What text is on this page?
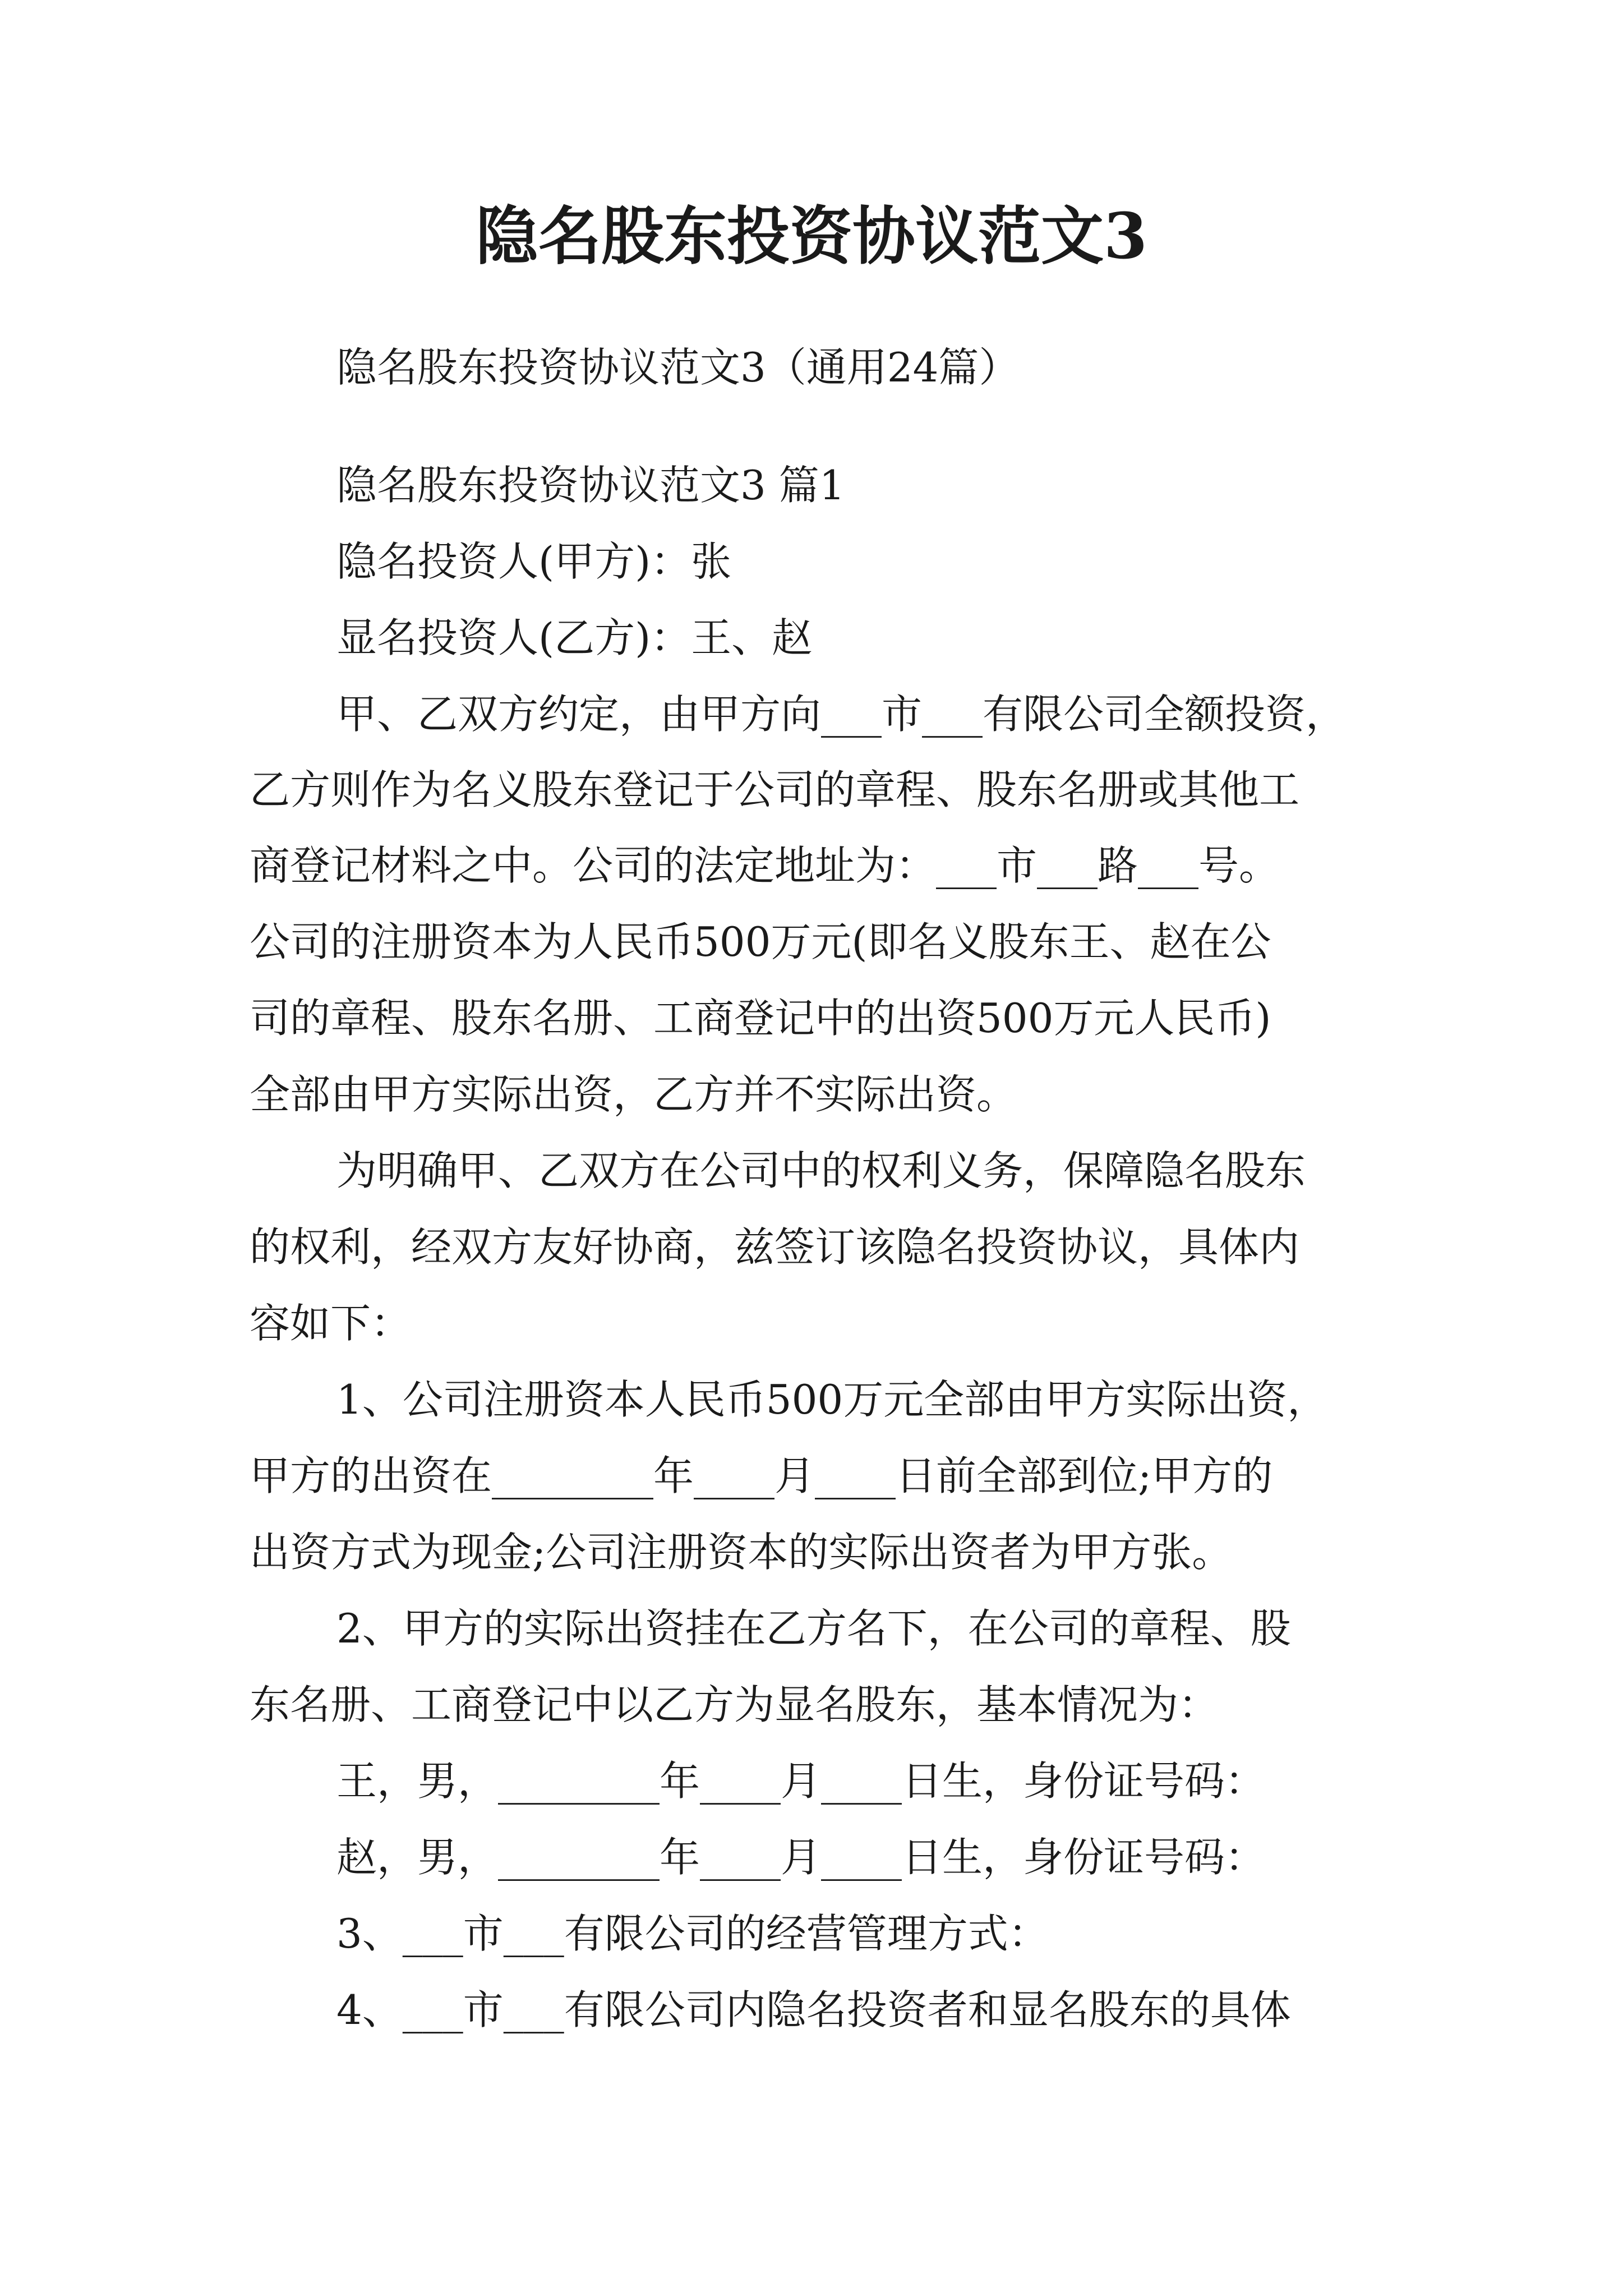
隐名股东投资协议范文3
隐名股东投资协议范文3（通用24篇）
隐名股东投资协议范文3 篇1
隐名投资人(甲方)：张
显名投资人(乙方)：王、赵
甲、乙双方约定，由甲方向___市___有限公司全额投资，
乙方则作为名义股东登记于公司的章程、股东名册或其他工
商登记材料之中。公司的法定地址为：___市___路___号。
公司的注册资本为人民币500万元(即名义股东王、赵在公
司的章程、股东名册、工商登记中的出资500万元人民币)
全部由甲方实际出资，乙方并不实际出资。
为明确甲、乙双方在公司中的权利义务，保障隐名股东
的权利，经双方友好协商，兹签订该隐名投资协议，具体内
容如下：
1、公司注册资本人民币500万元全部由甲方实际出资，
甲方的出资在________年____月____日前全部到位;甲方的
出资方式为现金;公司注册资本的实际出资者为甲方张。
2、甲方的实际出资挂在乙方名下，在公司的章程、股
东名册、工商登记中以乙方为显名股东，基本情况为：
王，男，________年____月____日生，身份证号码：
赵，男，________年____月____日生，身份证号码：
3、___市___有限公司的经营管理方式：
4、___市___有限公司内隐名投资者和显名股东的具体
